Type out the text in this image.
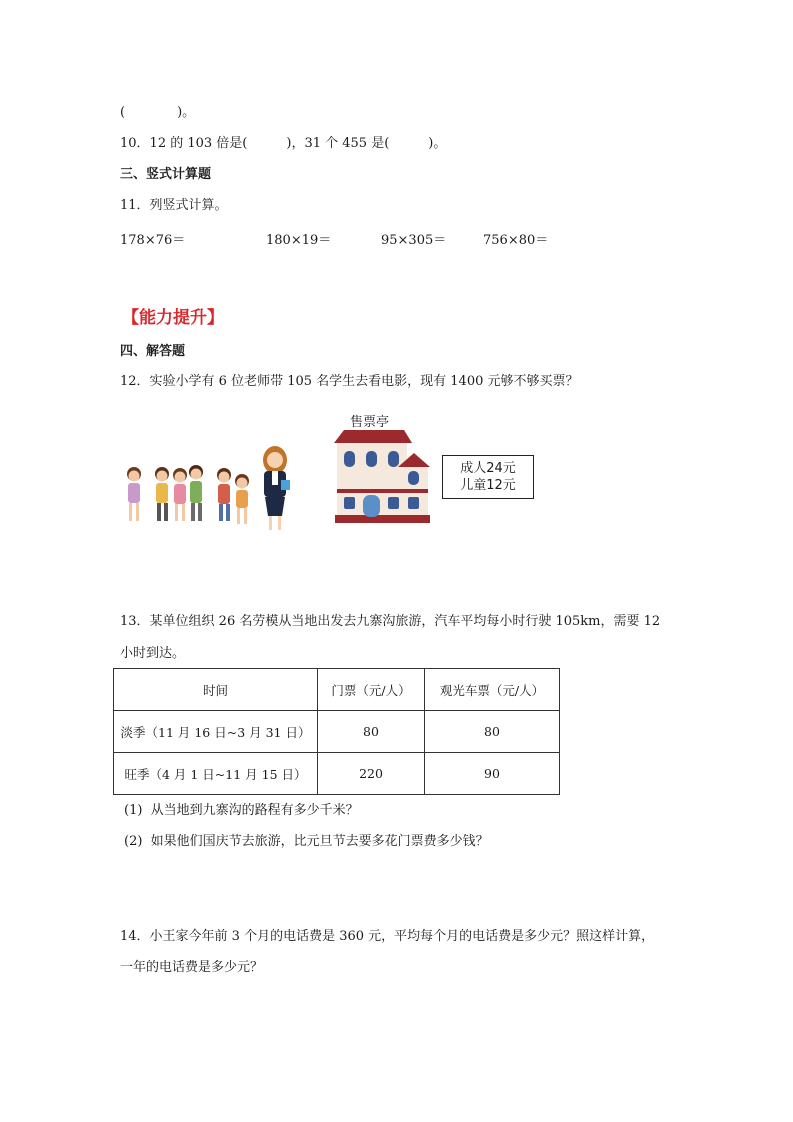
(　　　　)。
10．12 的 103 倍是(　　　)，31 个 455 是(　　　)。
三、竖式计算题
11．列竖式计算。
178×76＝	180×19＝	95×305＝	756×80＝
【能力提升】
四、解答题
12．实验小学有 6 位老师带 105 名学生去看电影，现有 1400 元够不够买票？
售票亭
成人24元
儿童12元
13．某单位组织 26 名劳模从当地出发去九寨沟旅游，汽车平均每小时行驶 105km，需要 12
小时到达。
时间	门票（元/人）	观光车票（元/人）
淡季（11 月 16 日~3 月 31 日）	80	80
旺季（4 月 1 日~11 月 15 日）	220	90
(1)  从当地到九寨沟的路程有多少千米？
(2)  如果他们国庆节去旅游，比元旦节去要多花门票费多少钱？
14．小王家今年前 3 个月的电话费是 360 元，平均每个月的电话费是多少元？照这样计算，
一年的电话费是多少元？
